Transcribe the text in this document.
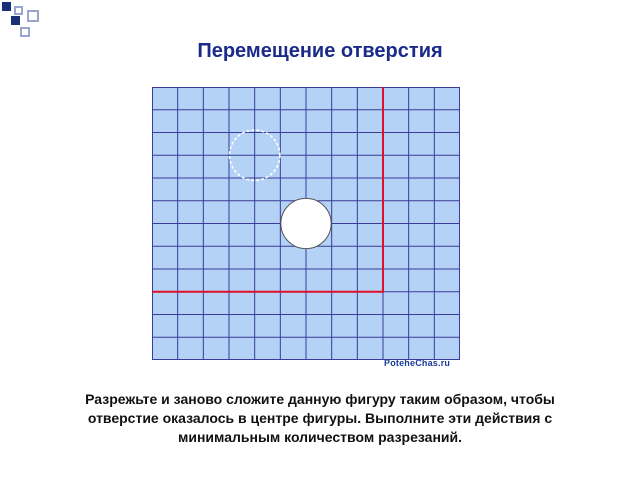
Перемещение отверстия
PoteheChas.ru

Разрежьте и заново сложите данную фигуру таким образом, чтобы отверстие оказалось в центре фигуры. Выполните эти действия с минимальным количеством разрезаний.
